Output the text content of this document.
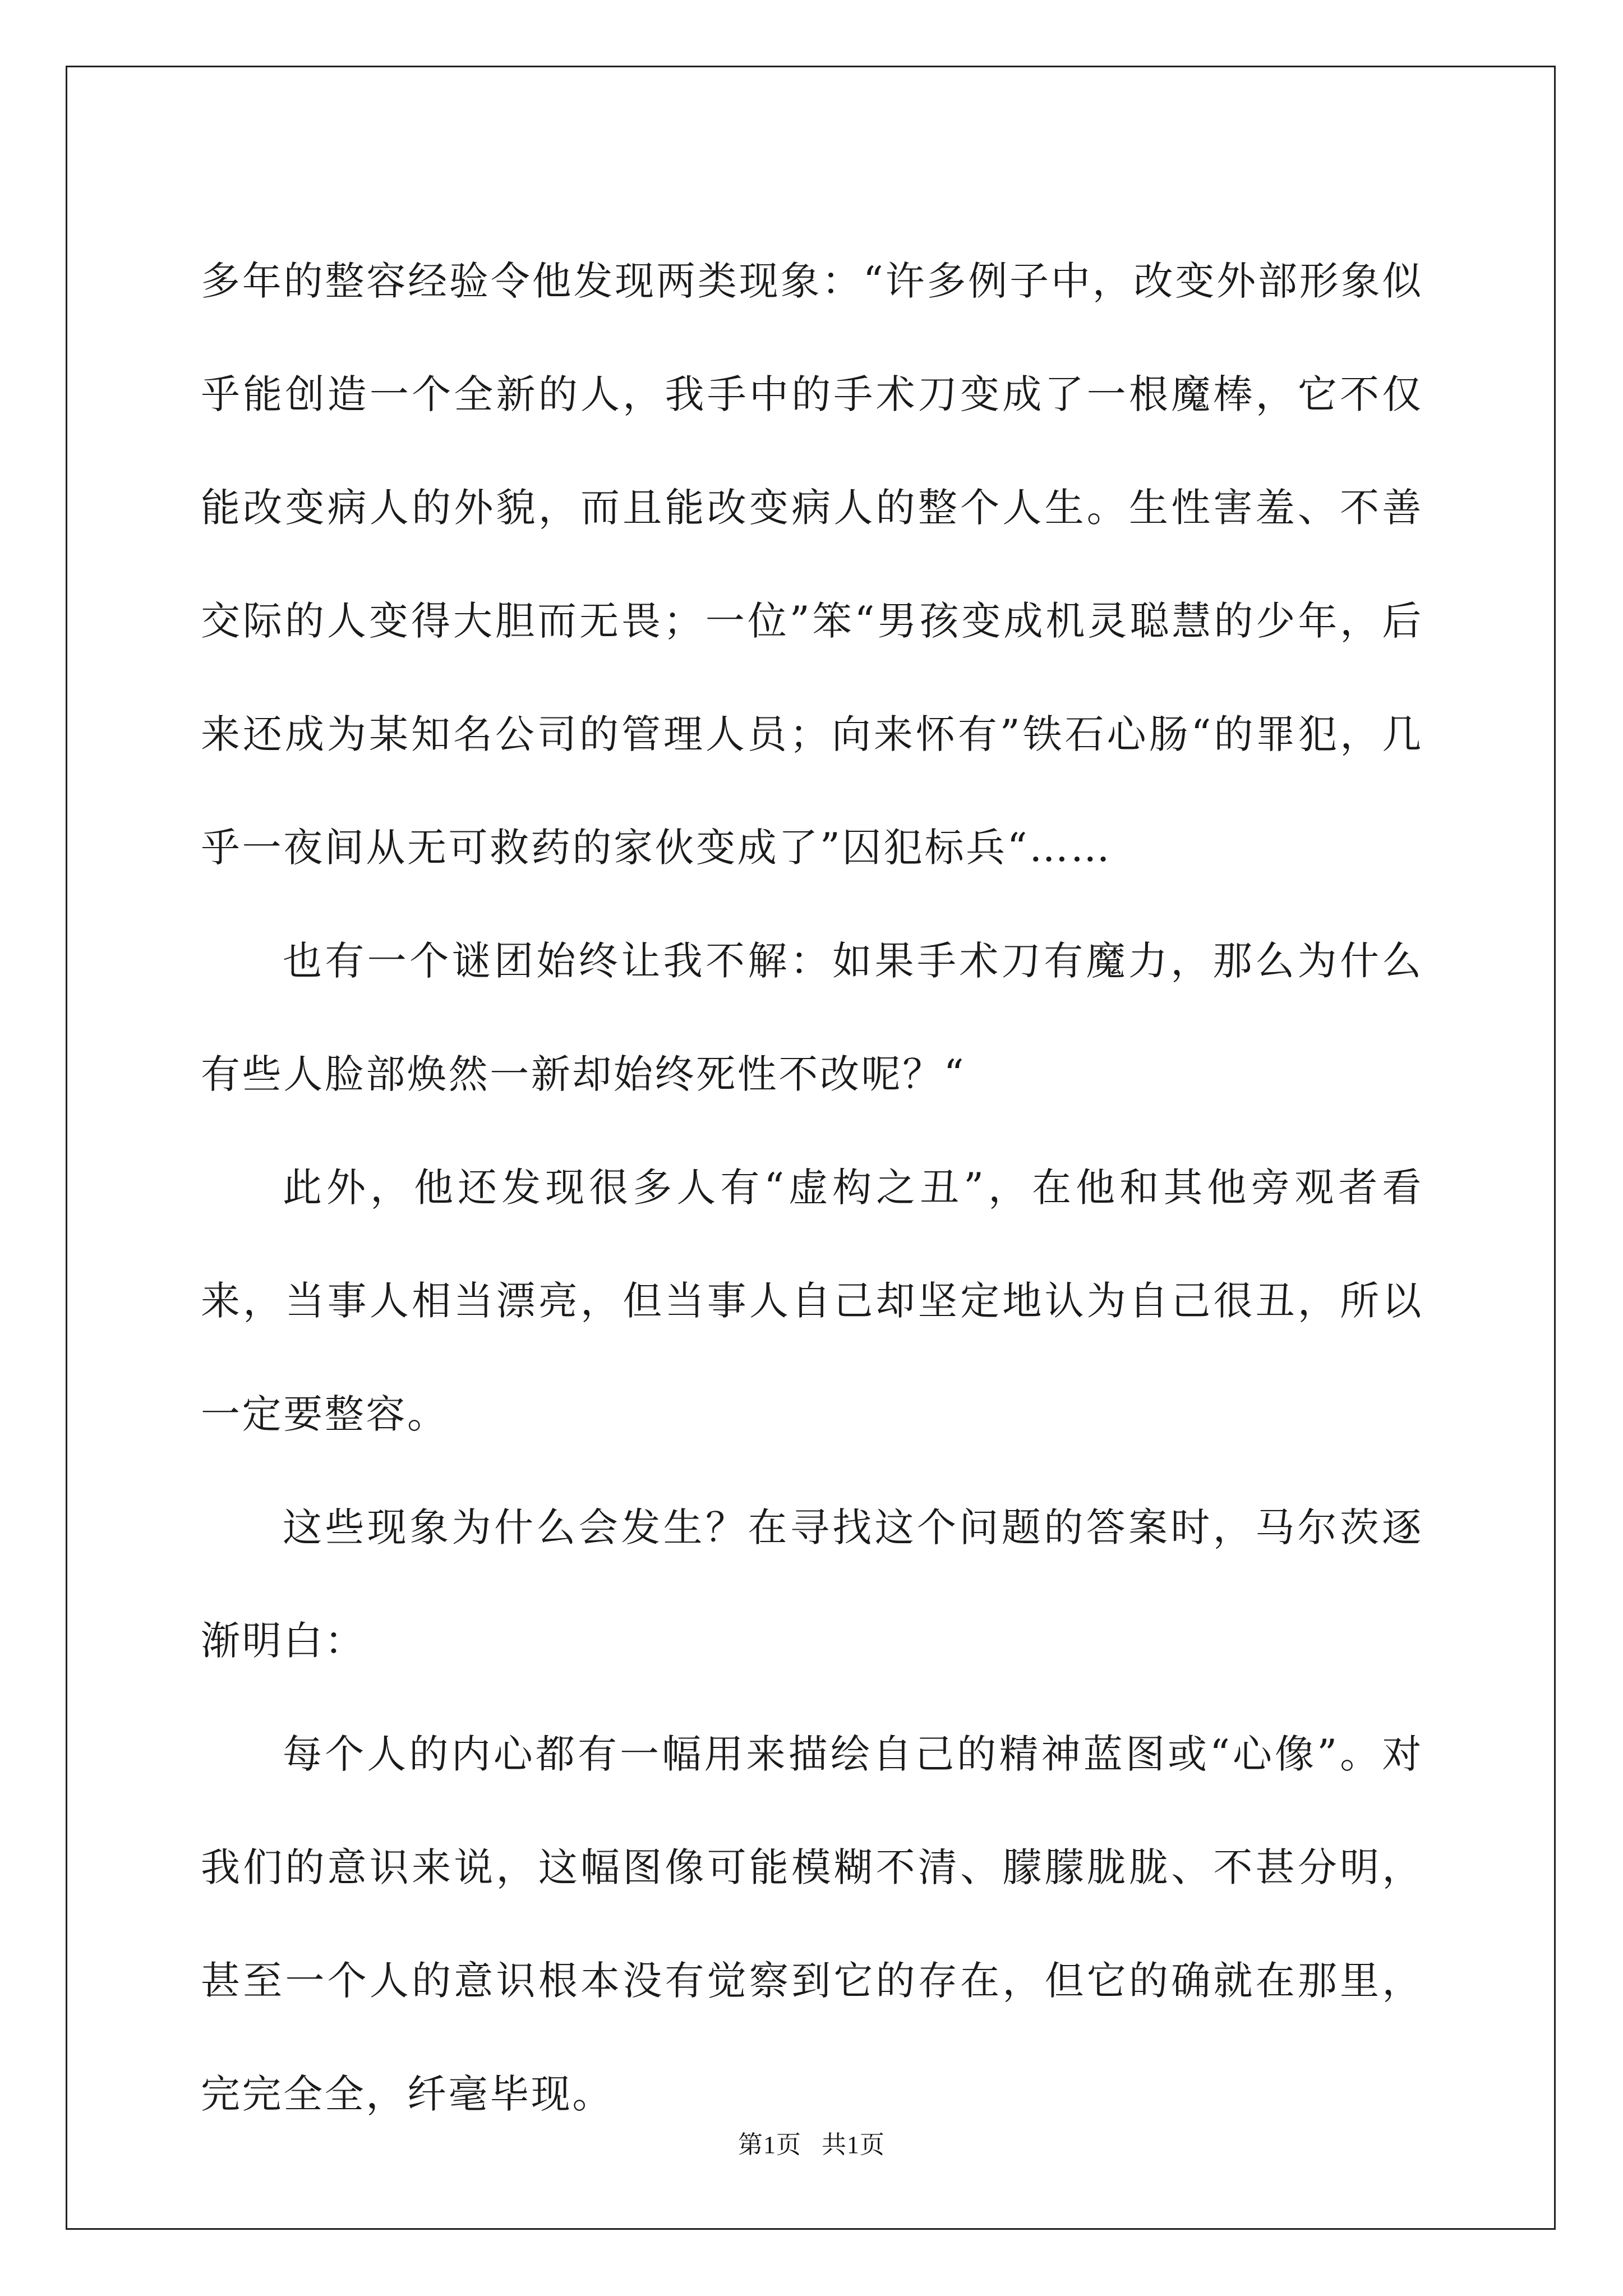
多年的整容经验令他发现两类现象：“许多例子中，改变外部形象似乎能创造一个全新的人，我手中的手术刀变成了一根魔棒，它不仅能改变病人的外貌，而且能改变病人的整个人生。生性害羞、不善交际的人变得大胆而无畏；一位”笨“男孩变成机灵聪慧的少年，后来还成为某知名公司的管理人员；向来怀有”铁石心肠“的罪犯，几乎一夜间从无可救药的家伙变成了”囚犯标兵“……

也有一个谜团始终让我不解：如果手术刀有魔力，那么为什么有些人脸部焕然一新却始终死性不改呢？“

此外，他还发现很多人有“虚构之丑”，在他和其他旁观者看来，当事人相当漂亮，但当事人自己却坚定地认为自己很丑，所以一定要整容。

这些现象为什么会发生？在寻找这个问题的答案时，马尔茨逐渐明白：

每个人的内心都有一幅用来描绘自己的精神蓝图或“心像”。对我们的意识来说，这幅图像可能模糊不清、朦朦胧胧、不甚分明，甚至一个人的意识根本没有觉察到它的存在，但它的确就在那里，完完全全，纤毫毕现。

第1页 共1页
